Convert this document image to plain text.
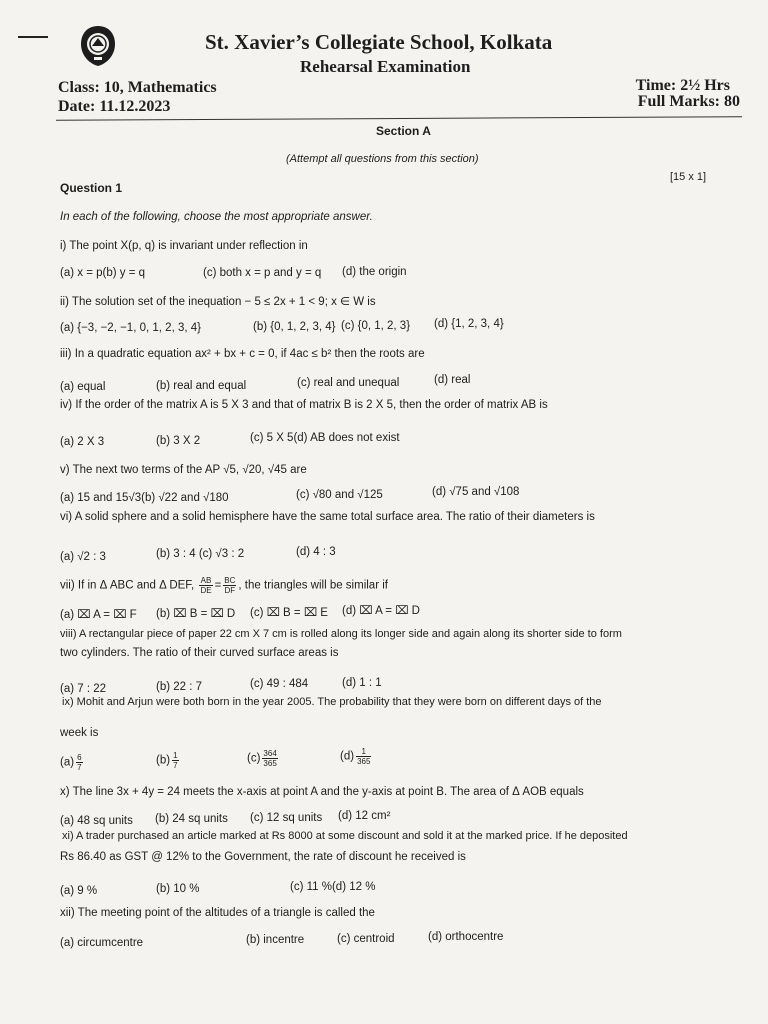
St. Xavier’s Collegiate School, Kolkata
Rehearsal Examination
Class: 10, Mathematics
Date: 11.12.2023
Time: 2½ Hrs
Full Marks: 80
Section A
(Attempt all questions from this section)
Question 1
[15 x 1]
In each of the following, choose the most appropriate answer.
i) The point X(p, q) is invariant under reflection in
(a) x = p(b) y = q	(c) both x = p and y = q (d) the origin
ii) The solution set of the inequation − 5 ≤ 2x + 1 < 9; x ∈ W is
(a) {−3, −2, −1, 0, 1, 2, 3, 4}	(b) {0, 1, 2, 3, 4} (c) {0, 1, 2, 3} (d) {1, 2, 3, 4}
iii) In a quadratic equation ax² + bx + c = 0, if 4ac ≤ b² then the roots are
(a) equal	(b) real and equal	(c) real and unequal	(d) real
iv) If the order of the matrix A is 5 X 3 and that of matrix B is 2 X 5, then the order of matrix AB is
(a) 2 X 3	(b) 3 X 2	(c) 5 X 5(d) AB does not exist
v) The next two terms of the AP √5, √20, √45 are
(a) 15 and 15√3(b) √22 and √180	(c) √80 and √125	(d) √75 and √108
vi) A solid sphere and a solid hemisphere have the same total surface area. The ratio of their diameters is
(a) √2 : 3	(b) 3 : 4 (c) √3 : 2	(d) 4 : 3
vii) If in Δ ABC and Δ DEF, $\frac{AB}{DE} = \frac{BC}{DF}$ , the triangles will be similar if
(a) ⌧ A = ⌧ F (b) ⌧ B = ⌧ D (c) ⌧ B = ⌧ E (d) ⌧ A = ⌧ D
viii) A rectangular piece of paper 22 cm X 7 cm is rolled along its longer side and again along its shorter side to form
two cylinders. The ratio of their curved surface areas is
(a) 7 : 22	(b) 22 : 7	(c) 49 : 484	(d) 1 : 1
ix) Mohit and Arjun were both born in the year 2005. The probability that they were born on different days of the
week is
$(a) \frac{6}{7}$	$(b) \frac{1}{7}$	$(c) \frac{364}{365}$	$(d) \frac{1}{365}$
x) The line 3x + 4y = 24 meets the x-axis at point A and the y-axis at point B. The area of Δ AOB equals
(a) 48 sq units (b) 24 sq units (c) 12 sq units (d) 12 cm²
xi) A trader purchased an article marked at Rs 8000 at some discount and sold it at the marked price. If he deposited
Rs 86.40 as GST @ 12% to the Government, the rate of discount he received is
(a) 9 %	(b) 10 %	(c) 11 %(d) 12 %
xii) The meeting point of the altitudes of a triangle is called the
(a) circumcentre	(b) incentre	(c) centroid	(d) orthocentre
